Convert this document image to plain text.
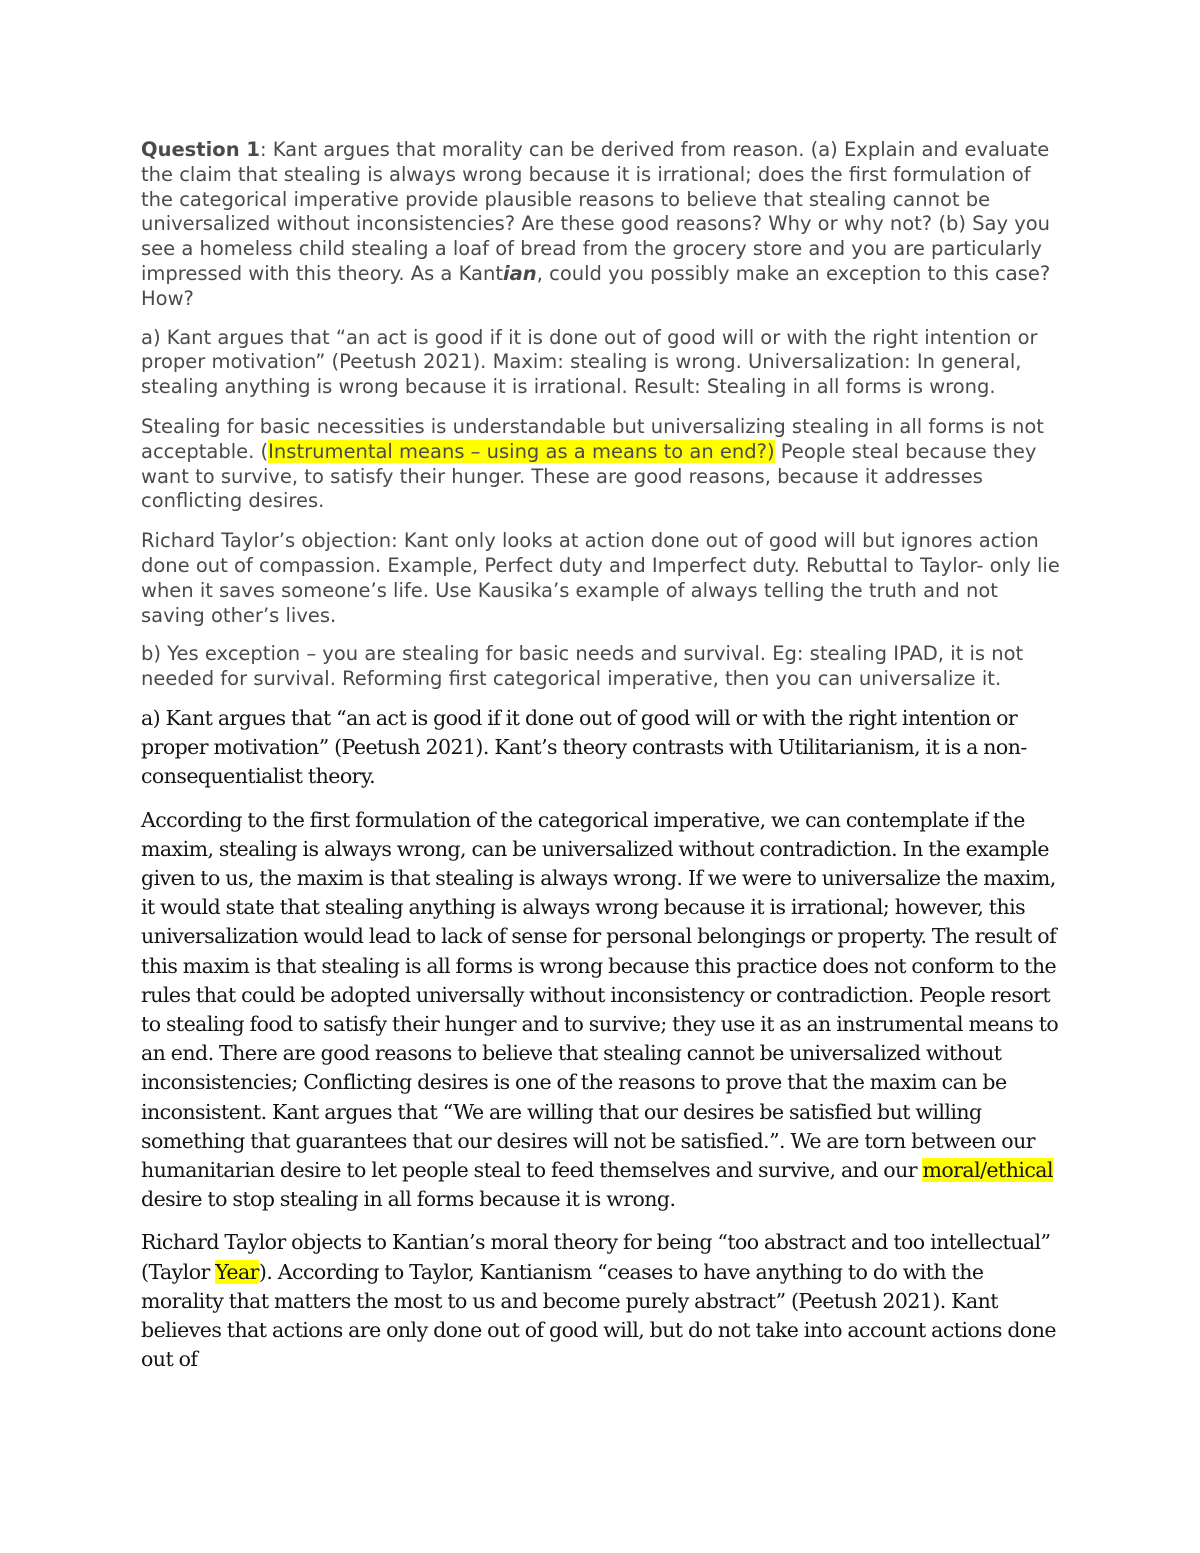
Question 1: Kant argues that morality can be derived from reason. (a) Explain and evaluate the claim that stealing is always wrong because it is irrational; does the first formulation of the categorical imperative provide plausible reasons to believe that stealing cannot be universalized without inconsistencies? Are these good reasons? Why or why not? (b) Say you see a homeless child stealing a loaf of bread from the grocery store and you are particularly impressed with this theory. As a Kantian, could you possibly make an exception to this case? How?

a) Kant argues that “an act is good if it is done out of good will or with the right intention or proper motivation” (Peetush 2021). Maxim: stealing is wrong. Universalization: In general, stealing anything is wrong because it is irrational. Result: Stealing in all forms is wrong.

Stealing for basic necessities is understandable but universalizing stealing in all forms is not acceptable. (Instrumental means – using as a means to an end?) People steal because they want to survive, to satisfy their hunger. These are good reasons, because it addresses conflicting desires.

Richard Taylor’s objection: Kant only looks at action done out of good will but ignores action done out of compassion. Example, Perfect duty and Imperfect duty. Rebuttal to Taylor- only lie when it saves someone’s life. Use Kausika’s example of always telling the truth and not saving other’s lives.

b) Yes exception – you are stealing for basic needs and survival. Eg: stealing IPAD, it is not needed for survival. Reforming first categorical imperative, then you can universalize it.

a) Kant argues that “an act is good if it done out of good will or with the right intention or proper motivation” (Peetush 2021). Kant’s theory contrasts with Utilitarianism, it is a non-consequentialist theory.

According to the first formulation of the categorical imperative, we can contemplate if the maxim, stealing is always wrong, can be universalized without contradiction. In the example given to us, the maxim is that stealing is always wrong. If we were to universalize the maxim, it would state that stealing anything is always wrong because it is irrational; however, this universalization would lead to lack of sense for personal belongings or property. The result of this maxim is that stealing is all forms is wrong because this practice does not conform to the rules that could be adopted universally without inconsistency or contradiction. People resort to stealing food to satisfy their hunger and to survive; they use it as an instrumental means to an end. There are good reasons to believe that stealing cannot be universalized without inconsistencies; Conflicting desires is one of the reasons to prove that the maxim can be inconsistent. Kant argues that “We are willing that our desires be satisfied but willing something that guarantees that our desires will not be satisfied.”. We are torn between our humanitarian desire to let people steal to feed themselves and survive, and our moral/ethical desire to stop stealing in all forms because it is wrong.

Richard Taylor objects to Kantian’s moral theory for being “too abstract and too intellectual” (Taylor Year). According to Taylor, Kantianism “ceases to have anything to do with the morality that matters the most to us and become purely abstract” (Peetush 2021). Kant believes that actions are only done out of good will, but do not take into account actions done out of
